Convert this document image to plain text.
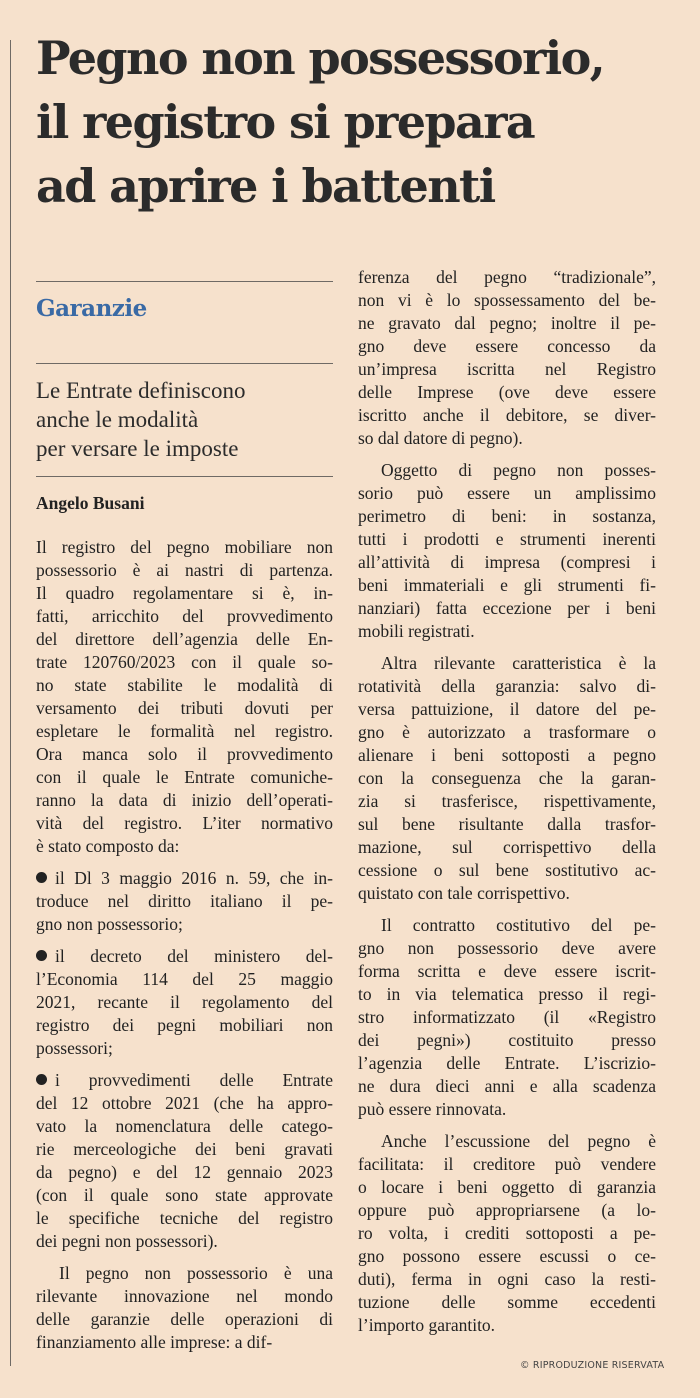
Pegno non possessorio,
il registro si prepara
ad aprire i battenti
Garanzie
Le Entrate definiscono
anche le modalità
per versare le imposte
Angelo Busani
Il registro del pegno mobiliare non
possessorio è ai nastri di partenza.
Il quadro regolamentare si è, in-
fatti, arricchito del provvedimento
del direttore dell’agenzia delle En-
trate 120760/2023 con il quale so-
no state stabilite le modalità di
versamento dei tributi dovuti per
espletare le formalità nel registro.
Ora manca solo il provvedimento
con il quale le Entrate comuniche-
ranno la data di inizio dell’operati-
vità del registro. L’iter normativo
è stato composto da:
il Dl 3 maggio 2016 n. 59, che in-
troduce nel diritto italiano il pe-
gno non possessorio;
il decreto del ministero del-
l’Economia 114 del 25 maggio
2021, recante il regolamento del
registro dei pegni mobiliari non
possessori;
i provvedimenti delle Entrate
del 12 ottobre 2021 (che ha appro-
vato la nomenclatura delle catego-
rie merceologiche dei beni gravati
da pegno) e del 12 gennaio 2023
(con il quale sono state approvate
le specifiche tecniche del registro
dei pegni non possessori).
Il pegno non possessorio è una
rilevante innovazione nel mondo
delle garanzie delle operazioni di
finanziamento alle imprese: a dif-
ferenza del pegno “tradizionale”,
non vi è lo spossessamento del be-
ne gravato dal pegno; inoltre il pe-
gno deve essere concesso da
un’impresa iscritta nel Registro
delle Imprese (ove deve essere
iscritto anche il debitore, se diver-
so dal datore di pegno).
Oggetto di pegno non posses-
sorio può essere un amplissimo
perimetro di beni: in sostanza,
tutti i prodotti e strumenti inerenti
all’attività di impresa (compresi i
beni immateriali e gli strumenti fi-
nanziari) fatta eccezione per i beni
mobili registrati.
Altra rilevante caratteristica è la
rotatività della garanzia: salvo di-
versa pattuizione, il datore del pe-
gno è autorizzato a trasformare o
alienare i beni sottoposti a pegno
con la conseguenza che la garan-
zia si trasferisce, rispettivamente,
sul bene risultante dalla trasfor-
mazione, sul corrispettivo della
cessione o sul bene sostitutivo ac-
quistato con tale corrispettivo.
Il contratto costitutivo del pe-
gno non possessorio deve avere
forma scritta e deve essere iscrit-
to in via telematica presso il regi-
stro informatizzato (il «Registro
dei pegni») costituito presso
l’agenzia delle Entrate. L’iscrizio-
ne dura dieci anni e alla scadenza
può essere rinnovata.
Anche l’escussione del pegno è
facilitata: il creditore può vendere
o locare i beni oggetto di garanzia
oppure può appropriarsene (a lo-
ro volta, i crediti sottoposti a pe-
gno possono essere escussi o ce-
duti), ferma in ogni caso la resti-
tuzione delle somme eccedenti
l’importo garantito.
© RIPRODUZIONE RISERVATA
